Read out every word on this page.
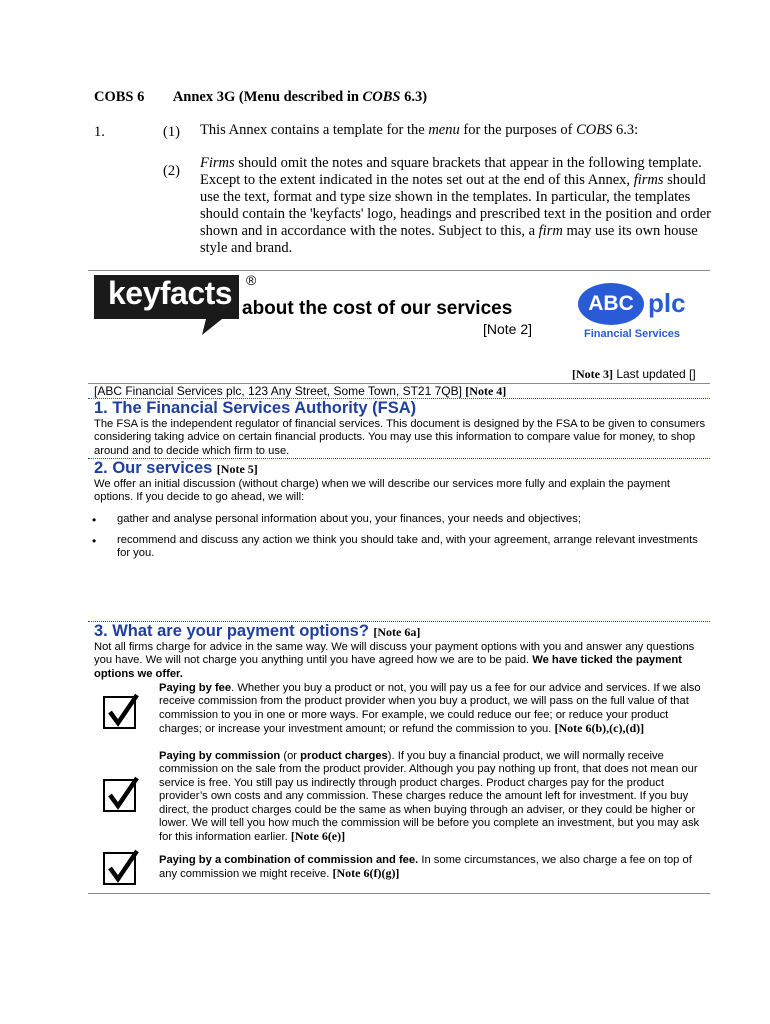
COBS 6 Annex 3G (Menu described in COBS 6.3)
1.	(1) This Annex contains a template for the menu for the purposes of COBS 6.3:
(2) Firms should omit the notes and square brackets that appear in the following template. Except to the extent indicated in the notes set out at the end of this Annex, firms should use the text, format and type size shown in the templates. In particular, the templates should contain the 'keyfacts' logo, headings and prescribed text in the position and order shown and in accordance with the notes. Subject to this, a firm may use its own house style and brand.
keyfacts ®
about the cost of our services
[Note 2]
ABC plc
Financial Services
[Note 3] Last updated []
[ABC Financial Services plc, 123 Any Street, Some Town, ST21 7QB] [Note 4]
1. The Financial Services Authority (FSA)

The FSA is the independent regulator of financial services. This document is designed by the FSA to be given to consumers considering taking advice on certain financial products. You may use this information to compare value for money, to shop around and to decide which firm to use.

2. Our services [Note 5]

We offer an initial discussion (without charge) when we will describe our services more fully and explain the payment options. If you decide to go ahead, we will:

• gather and analyse personal information about you, your finances, your needs and objectives;

• recommend and discuss any action we think you should take and, with your agreement, arrange relevant investments for you.

3. What are your payment options? [Note 6a]

Not all firms charge for advice in the same way. We will discuss your payment options with you and answer any questions you have. We will not charge you anything until you have agreed how we are to be paid. We have ticked the payment options we offer.

Paying by fee. Whether you buy a product or not, you will pay us a fee for our advice and services. If we also receive commission from the product provider when you buy a product, we will pass on the full value of that commission to you in one or more ways. For example, we could reduce our fee; or reduce your product charges; or increase your investment amount; or refund the commission to you. [Note 6(b),(c),(d)]

Paying by commission (or product charges). If you buy a financial product, we will normally receive commission on the sale from the product provider. Although you pay nothing up front, that does not mean our service is free. You still pay us indirectly through product charges. Product charges pay for the product provider’s own costs and any commission. These charges reduce the amount left for investment. If you buy direct, the product charges could be the same as when buying through an adviser, or they could be higher or lower. We will tell you how much the commission will be before you complete an investment, but you may ask for this information earlier. [Note 6(e)]

Paying by a combination of commission and fee. In some circumstances, we also charge a fee on top of any commission we might receive. [Note 6(f)(g)]
